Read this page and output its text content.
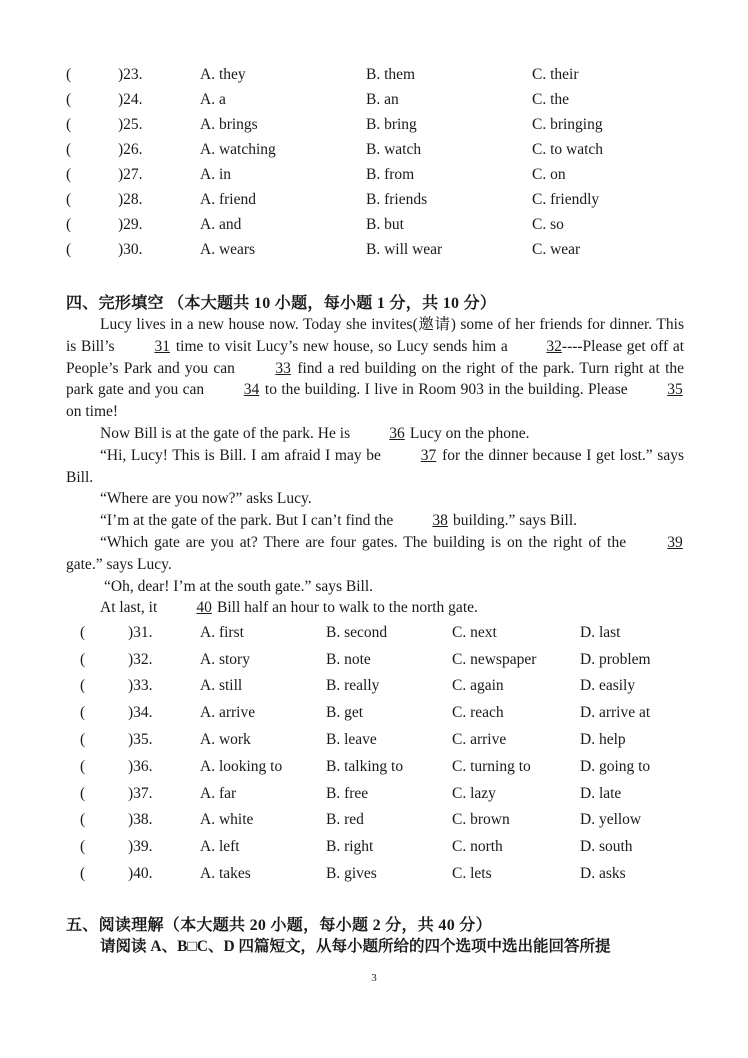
(	)23.	A. they	B. them	C. their
(	)24.	A. a	B. an	C. the
(	)25.	A. brings	B. bring	C. bringing
(	)26.	A. watching	B. watch	C. to watch
(	)27.	A. in	B. from	C. on
(	)28.	A. friend	B. friends	C. friendly
(	)29.	A. and	B. but	C. so
(	)30.	A. wears	B. will wear	C. wear
四、完形填空 （本大题共 10 小题，每小题 1 分，共 10 分）

Lucy lives in a new house now. Today she invites(邀请) some of her friends for dinner. This is Bill’s 31 time to visit Lucy’s new house, so Lucy sends him a 32----Please get off at People’s Park and you can 33 find a red building on the right of the park. Turn right at the park gate and you can 34 to the building. I live in Room 903 in the building. Please 35 on time!

Now Bill is at the gate of the park. He is 36 Lucy on the phone.

“Hi, Lucy! This is Bill. I am afraid I may be 37 for the dinner because I get lost.” says Bill.

“Where are you now?” asks Lucy.

“I’m at the gate of the park. But I can’t find the 38 building.” says Bill.

“Which gate are you at? There are four gates. The building is on the right of the 39 gate.” says Lucy.

“Oh, dear! I’m at the south gate.” says Bill.

At last, it 40 Bill half an hour to walk to the north gate.

(	)31.	A. first	B. second	C. next	D. last
(	)32.	A. story	B. note	C. newspaper	D. problem
(	)33.	A. still	B. really	C. again	D. easily
(	)34.	A. arrive	B. get	C. reach	D. arrive at
(	)35.	A. work	B. leave	C. arrive	D. help
(	)36.	A. looking to	B. talking to	C. turning to	D. going to
(	)37.	A. far	B. free	C. lazy	D. late
(	)38.	A. white	B. red	C. brown	D. yellow
(	)39.	A. left	B. right	C. north	D. south
(	)40.	A. takes	B. gives	C. lets	D. asks
五、阅读理解（本大题共 20 小题，每小题 2 分，共 40 分）
请阅读 A、B□C、D 四篇短文，从每小题所给的四个选项中选出能回答所提
3
